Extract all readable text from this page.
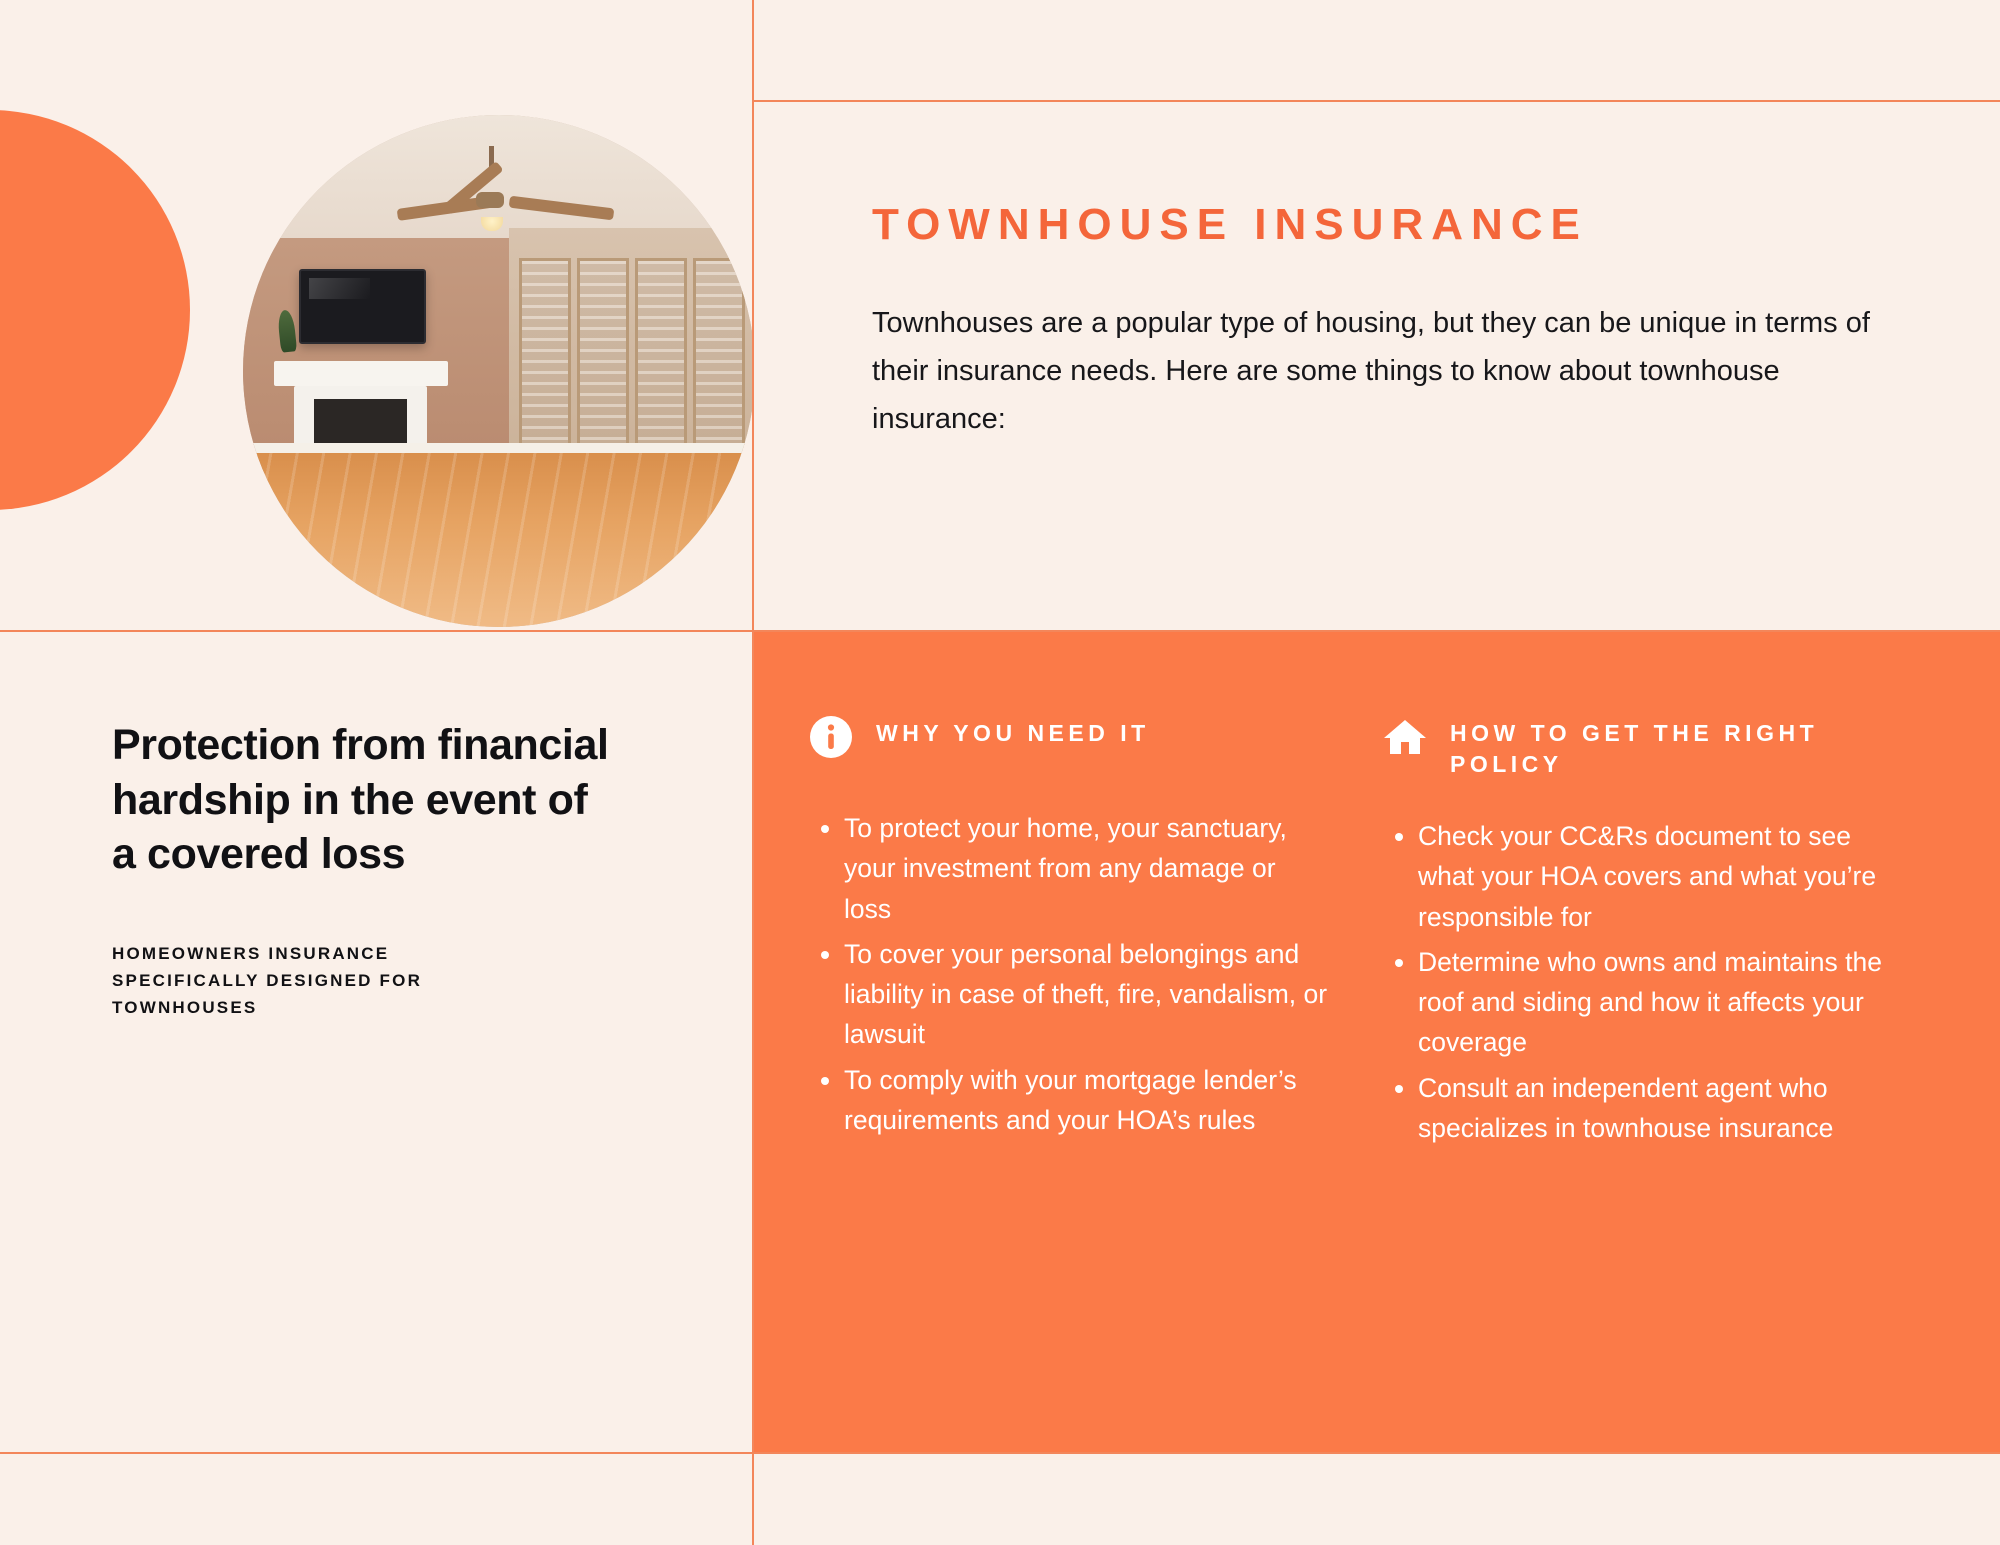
TOWNHOUSE INSURANCE

Townhouses are a popular type of housing, but they can be unique in terms of their insurance needs. Here are some things to know about townhouse insurance:

Protection from financial hardship in the event of a covered loss

HOMEOWNERS INSURANCE SPECIFICALLY DESIGNED FOR TOWNHOUSES

WHY YOU NEED IT
• To protect your home, your sanctuary, your investment from any damage or loss
• To cover your personal belongings and liability in case of theft, fire, vandalism, or lawsuit
• To comply with your mortgage lender’s requirements and your HOA’s rules
HOW TO GET THE RIGHT POLICY
• Check your CC&Rs document to see what your HOA covers and what you’re responsible for
• Determine who owns and maintains the roof and siding and how it affects your coverage
• Consult an independent agent who specializes in townhouse insurance
